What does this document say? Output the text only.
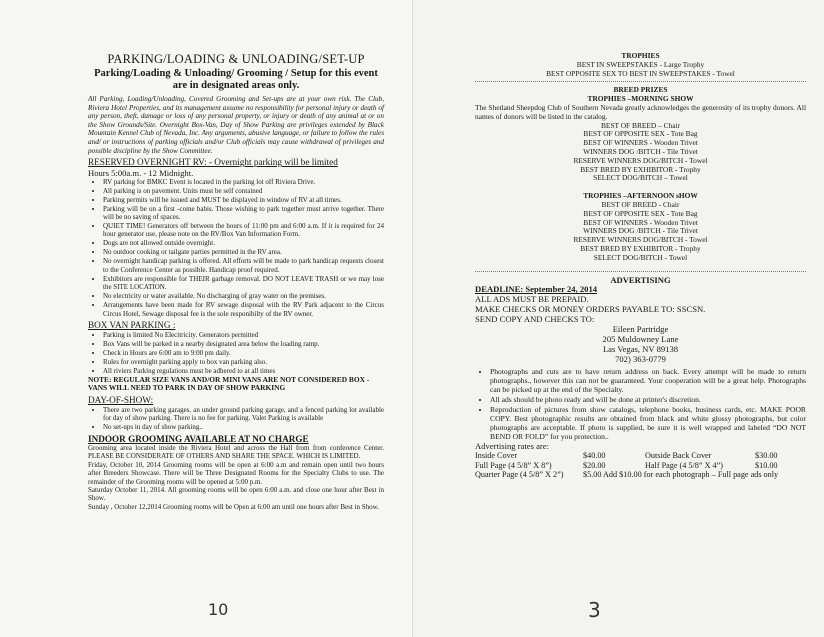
PARKING/LOADING & UNLOADING/SET-UP
Parking/Loading & Unloading/ Grooming / Setup for this event are in designated areas only.
All Parking, Loading/Unloading, Covered Grooming and Set-ups are at your own risk. The Club, Riviera Hotel Properties, and its management assume no responsibility for personal injury or death of any person, theft, damage or loss of any personal property, or injury or death of any animal at or on the Show Grounds/Site. Overnight Box-Van, Day of Show Parking are privileges extended by Black Mountain Kennel Club of Nevada, Inc. Any arguments, abusive language, or failure to follow the rules and/ or instructions of parking officials and/or Club officials may cause withdrawal of privileges and possible discipline by the Show Committee.
RESERVED OVERNIGHT RV: - Overnight parking will be limited
Hours 5:00a.m. - 12 Midnight.
• RV parking for BMKC Event is located in the parking lot off Riviera Drive.
• All parking is on pavement. Units must be self contained
• Parking permits will be issued and MUST be displayed in window of RV at all times.
• Parking will be on a first -come babis. Those wishing to park together must arrive together. There will be no saving of spaces.
• QUIET TIME! Generators off between the hours of 11:00 pm and 6:00 a.m. If it is required for 24 hour generator use, please note on the RV/Box Van Information Form.
• Dogs are not allowed outside overnight.
• No outdoor cooking or tailgate parties permitted in the RV area.
• No overnight handicap parking is offered. All efforts will be made to park handicap requests closest to the Conference Center as possible. Handicap proof required.
• Exhibitors are responsible for THEIR garbage removal. DO NOT LEAVE TRASH or we may lose the SITE LOCATION.
• No electricity or water available. No discharging of gray water on the premises.
• Arrangements have been made for RV sewage disposal with the RV Park adjacent to the Circus Circus Hotel, Sewage disposal fee is the sole responibilty of the RV owner.
BOX VAN PARKING :
• Parking is limited No Elecitricity. Generators permitted
• Box Vans will be parked in a nearby designated area below the loading ramp.
• Check in Hours are 6:00 am to 9:00 pm daily.
• Rules for overnight parking apply to box van parking also.
• All riviers Parking regulations must be adhered to at all times
NOTE: REGULAR SIZE VANS AND/OR MINI VANS ARE NOT CONSIDERED BOX -VANS WILL NEED TO PARK IN DAY OF SHOW PARKING
DAY-OF-SHOW:
• There are two parking garages, an under ground parking garage, and a fenced parking lot available for day of show parking. There is no fee for parking. Valet Parking is available
• No set-ups in day of show parking..
INDOOR GROOMING AVAILABLE AT NO CHARGE
Grooming area located inside the Riviera Hotel and across the Hall from from conference Center. PLEASE BE CONSIDERATE OF OTHERS AND SHARE THE SPACE. WHICH IS LIMITED.
Friday, October 10, 2014 Grooming rooms will be open at 6:00 a.m and remain open until two hours after Breeders Showcase. There will be Three Designated Rooms for the Specialty Clubs to use. The remainder of the Grooming rooms will be opened at 5:00 p.m.
Saturday October 11, 2014. All grooming rooms will be open 6:00 a.m. and close one hour after Best in Show.
Sunday , October 12,2014 Grooming rooms will be Open at 6:00 am until one hours after Best in Show.
10
TROPHIES
BEST IN SWEEPSTAKES - Large Trophy
BEST OPPOSITE SEX TO BEST IN SWEEPSTAKES - Towel
BREED PRIZES
TROPHIES –MORNING SHOW
The Shetland Sheepdog Club of Southern Nevada greatly acknowledges the generosity of its trophy donors. All names of donors will be listed in the catalog.
BEST OF BREED – Chair
BEST OF OPPOSITE SEX - Tote Bag
BEST OF WINNERS - Wooden Trivet
WINNERS DOG /BITCH - Tile Trivet
RESERVE WINNERS DOG/BITCH - Towel
BEST BRED BY EXHIBITOR - Trophy
SELECT DOG/BITCH – Towel
TROPHIES –AFTERNOON sHOW
BEST OF BREED - Chair
BEST OF OPPOSITE SEX - Tote Bag
BEST OF WINNERS - Wooden Trivet
WINNERS DOG /BITCH - Tile Trivet
RESERVE WINNERS DOG/BITCH - Towel
BEST BRED BY EXHIBITOR - Trophy
SELECT DOG/BITCH - Towel
ADVERTISING
DEADLINE: September 24, 2014
ALL ADS MUST BE PREPAID.
MAKE CHECKS OR MONEY ORDERS PAYABLE TO: SSCSN.
SEND COPY AND CHECKS TO:
Eileen Partridge
205 Muldowney Lane
Las Vegas, NV 89138
702) 363-0779
• Photographs and cuts are to have return address on back. Every attempt will be made to return photographs., however this can not be guaranteed. Your cooperation will be a great help. Photographs can be picked up at the end of the Specialty.
• All ads should be photo ready and will be done at printer's discretion.
• Reproduction of pictures from show catalogs, telephone books, business cards, etc. MAKE POOR COPY. Best photographic results are obtained from black and white glossy photographs, but color photographs are acceptable. If photo is supplied, be sure it is well wrapped and labeled “DO NOT BEND OR FOLD” for you protection..
Advertising rates are:
Inside Cover	$40.00	Outside Back Cover	$30.00
Full Page (4 5/8” X 8”)	$20.00	Half Page (4 5/8” X 4”)	$10.00
Quarter Page (4 5/8” X 2”)	$5.00 Add $10.00 for each photograph – Full page ads only
3
